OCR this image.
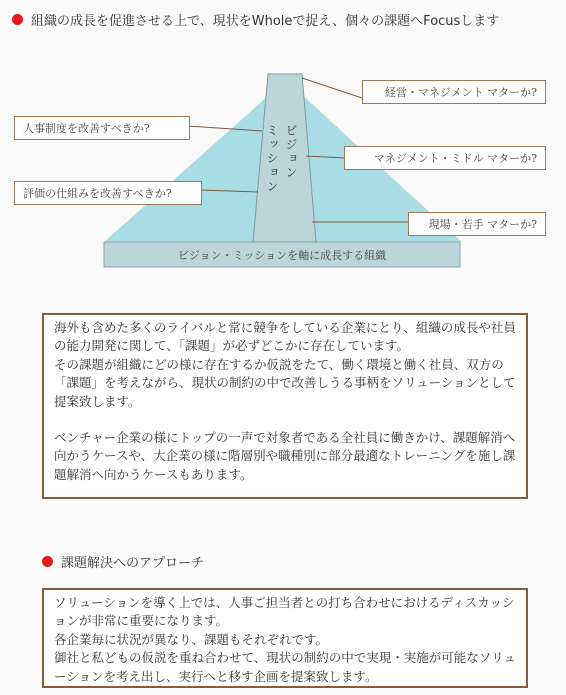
組織の成長を促進させる上で、現状をWholeで捉え、個々の課題へFocusします
ビジョン
ミッション
経営・マネジメント マターか?
人事制度を改善すべきか?
マネジメント・ミドル マターか?
評価の仕組みを改善すべきか?
現場・若手 マターか?
ビジョン・ミッションを軸に成長する組織

海外も含めた多くのライバルと常に競争をしている企業にとり、組織の成長や社員の能力開発に関して、「課題」が必ずどこかに存在しています。

その課題が組織にどの様に存在するか仮説をたて、働く環境と働く社員、双方の「課題」を考えながら、現状の制約の中で改善しうる事柄をソリューションとして提案致します。

ベンチャー企業の様にトップの一声で対象者である全社員に働きかけ、課題解消へ向かうケースや、大企業の様に階層別や職種別に部分最適なトレーニングを施し課題解消へ向かうケースもあります。

課題解決へのアプローチ

ソリューションを導く上では、人事ご担当者との打ち合わせにおけるディスカッションが非常に重要になります。

各企業毎に状況が異なり、課題もそれぞれです。

御社と私どもの仮説を重ね合わせて、現状の制約の中で実現・実施が可能なソリューションを考え出し、実行へと移す企画を提案致します。
